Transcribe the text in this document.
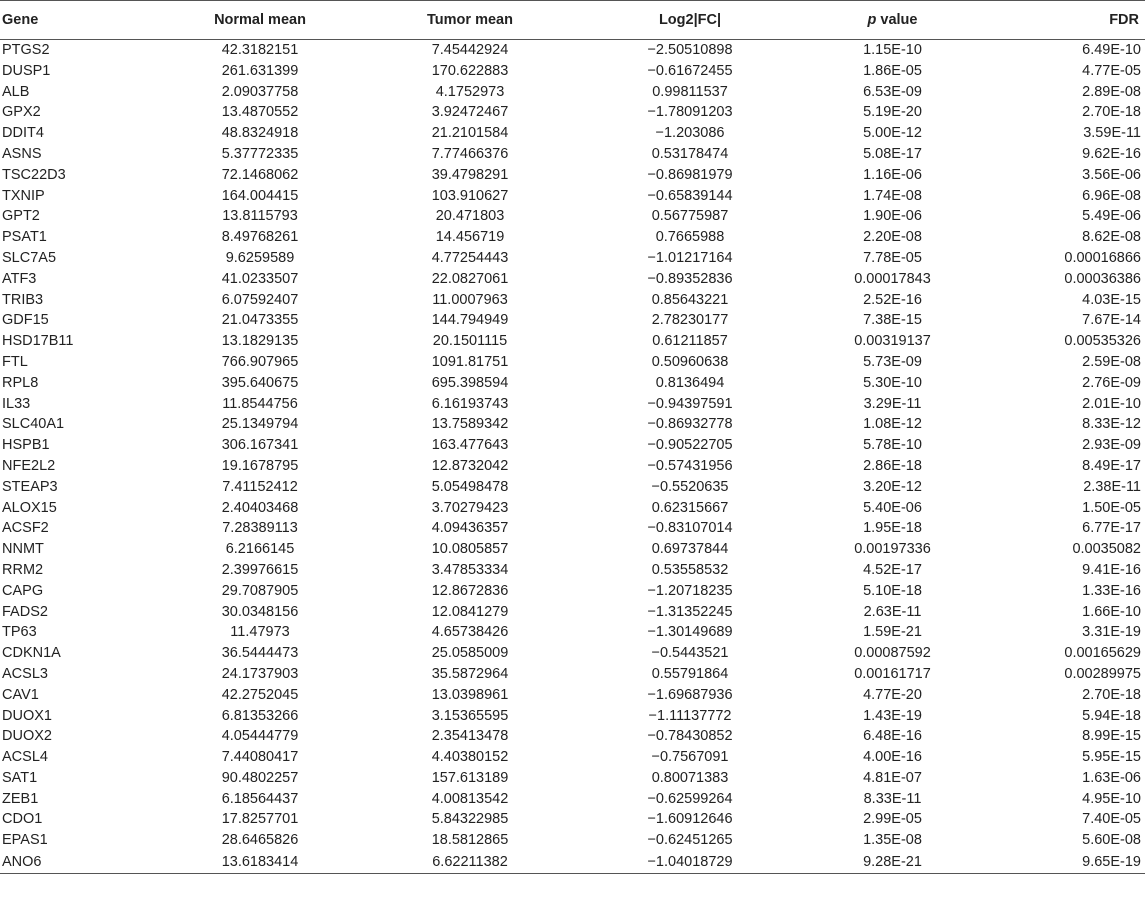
Gene	Normal mean	Tumor mean	Log2|FC|	p value	FDR
PTGS2	42.3182151	7.45442924	−2.50510898	1.15E-10	6.49E-10
DUSP1	261.631399	170.622883	−0.61672455	1.86E-05	4.77E-05
ALB	2.09037758	4.1752973	0.99811537	6.53E-09	2.89E-08
GPX2	13.4870552	3.92472467	−1.78091203	5.19E-20	2.70E-18
DDIT4	48.8324918	21.2101584	−1.203086	5.00E-12	3.59E-11
ASNS	5.37772335	7.77466376	0.53178474	5.08E-17	9.62E-16
TSC22D3	72.1468062	39.4798291	−0.86981979	1.16E-06	3.56E-06
TXNIP	164.004415	103.910627	−0.65839144	1.74E-08	6.96E-08
GPT2	13.8115793	20.471803	0.56775987	1.90E-06	5.49E-06
PSAT1	8.49768261	14.456719	0.7665988	2.20E-08	8.62E-08
SLC7A5	9.6259589	4.77254443	−1.01217164	7.78E-05	0.00016866
ATF3	41.0233507	22.0827061	−0.89352836	0.00017843	0.00036386
TRIB3	6.07592407	11.0007963	0.85643221	2.52E-16	4.03E-15
GDF15	21.0473355	144.794949	2.78230177	7.38E-15	7.67E-14
HSD17B11	13.1829135	20.1501115	0.61211857	0.00319137	0.00535326
FTL	766.907965	1091.81751	0.50960638	5.73E-09	2.59E-08
RPL8	395.640675	695.398594	0.8136494	5.30E-10	2.76E-09
IL33	11.8544756	6.16193743	−0.94397591	3.29E-11	2.01E-10
SLC40A1	25.1349794	13.7589342	−0.86932778	1.08E-12	8.33E-12
HSPB1	306.167341	163.477643	−0.90522705	5.78E-10	2.93E-09
NFE2L2	19.1678795	12.8732042	−0.57431956	2.86E-18	8.49E-17
STEAP3	7.41152412	5.05498478	−0.5520635	3.20E-12	2.38E-11
ALOX15	2.40403468	3.70279423	0.62315667	5.40E-06	1.50E-05
ACSF2	7.28389113	4.09436357	−0.83107014	1.95E-18	6.77E-17
NNMT	6.2166145	10.0805857	0.69737844	0.00197336	0.0035082
RRM2	2.39976615	3.47853334	0.53558532	4.52E-17	9.41E-16
CAPG	29.7087905	12.8672836	−1.20718235	5.10E-18	1.33E-16
FADS2	30.0348156	12.0841279	−1.31352245	2.63E-11	1.66E-10
TP63	11.47973	4.65738426	−1.30149689	1.59E-21	3.31E-19
CDKN1A	36.5444473	25.0585009	−0.5443521	0.00087592	0.00165629
ACSL3	24.1737903	35.5872964	0.55791864	0.00161717	0.00289975
CAV1	42.2752045	13.0398961	−1.69687936	4.77E-20	2.70E-18
DUOX1	6.81353266	3.15365595	−1.11137772	1.43E-19	5.94E-18
DUOX2	4.05444779	2.35413478	−0.78430852	6.48E-16	8.99E-15
ACSL4	7.44080417	4.40380152	−0.7567091	4.00E-16	5.95E-15
SAT1	90.4802257	157.613189	0.80071383	4.81E-07	1.63E-06
ZEB1	6.18564437	4.00813542	−0.62599264	8.33E-11	4.95E-10
CDO1	17.8257701	5.84322985	−1.60912646	2.99E-05	7.40E-05
EPAS1	28.6465826	18.5812865	−0.62451265	1.35E-08	5.60E-08
ANO6	13.6183414	6.62211382	−1.04018729	9.28E-21	9.65E-19
